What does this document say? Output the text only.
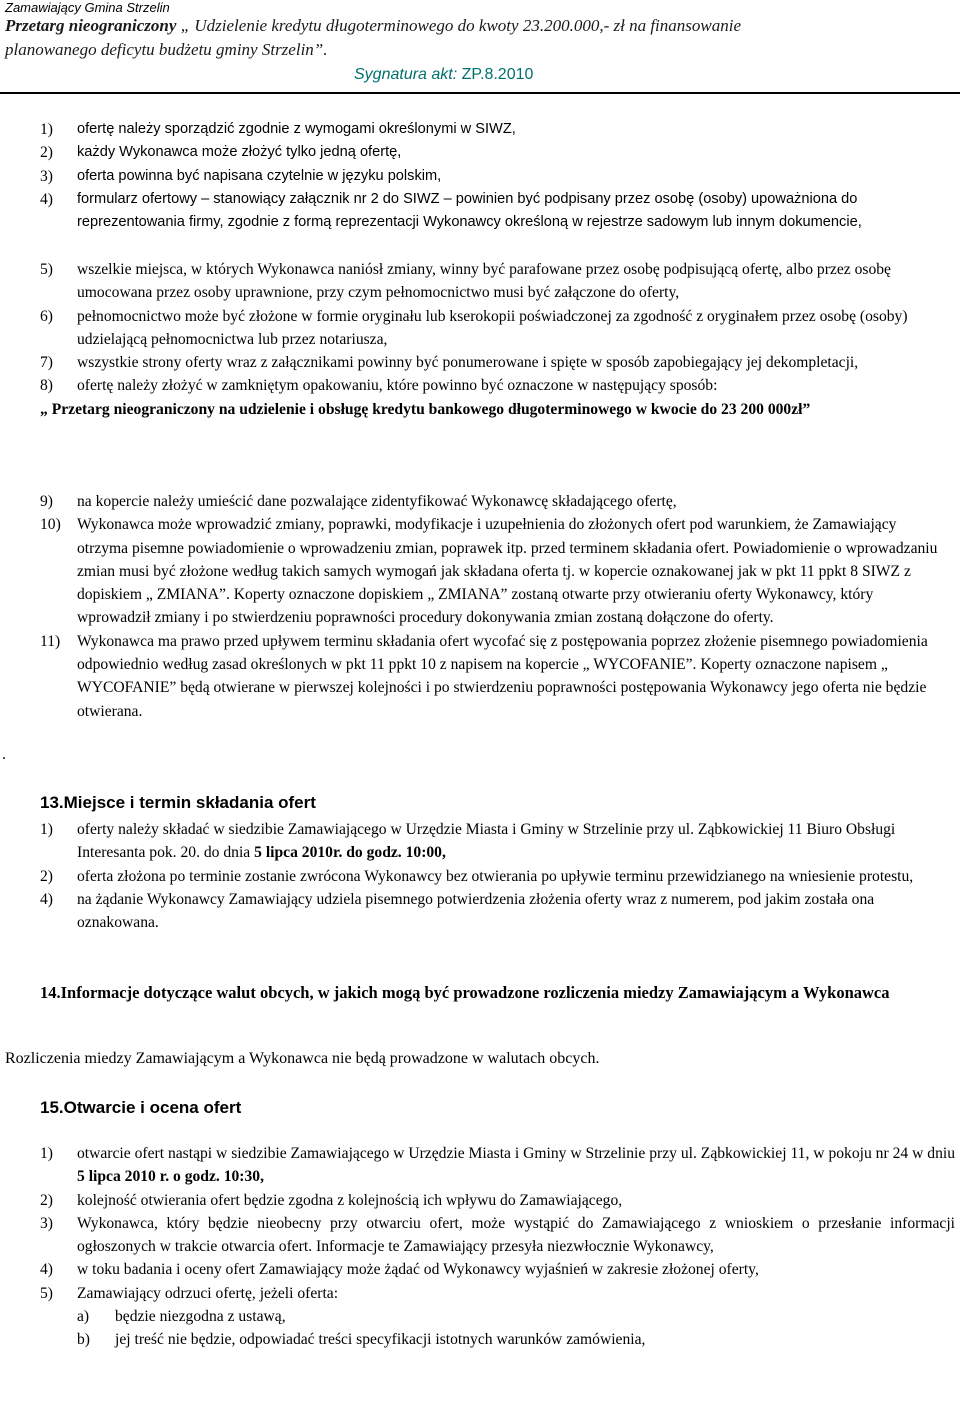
Zamawiający Gmina Strzelin
Przetarg nieograniczony „ Udzielenie kredytu długoterminowego do kwoty 23.200.000,- zł na finansowanie
planowanego deficytu budżetu gminy Strzelin”.
Sygnatura akt: ZP.8.2010
1) ofertę należy sporządzić zgodnie z wymogami określonymi w SIWZ,
2) każdy Wykonawca może złożyć tylko jedną ofertę,
3) oferta powinna być napisana czytelnie w języku polskim,
4) formularz ofertowy – stanowiący załącznik nr 2 do SIWZ – powinien być podpisany przez osobę (osoby) upoważniona do reprezentowania firmy, zgodnie z formą reprezentacji Wykonawcy określoną w rejestrze sadowym lub innym dokumencie,
5) wszelkie miejsca, w których Wykonawca naniósł zmiany, winny być parafowane przez osobę podpisującą ofertę, albo przez osobę umocowana przez osoby uprawnione, przy czym pełnomocnictwo musi być załączone do oferty,
6) pełnomocnictwo może być złożone w formie oryginału lub kserokopii poświadczonej za zgodność z oryginałem przez osobę (osoby) udzielającą pełnomocnictwa lub przez notariusza,
7) wszystkie strony oferty wraz z załącznikami powinny być ponumerowane i spięte w sposób zapobiegający jej dekompletacji,
8) ofertę należy złożyć w zamkniętym opakowaniu, które powinno być oznaczone w następujący sposób:
„ Przetarg nieograniczony na udzielenie i obsługę kredytu bankowego długoterminowego w kwocie do 23 200 000zł”
9) na kopercie należy umieścić dane pozwalające zidentyfikować Wykonawcę składającego ofertę,
10) Wykonawca może wprowadzić zmiany, poprawki, modyfikacje i uzupełnienia do złożonych ofert pod warunkiem, że Zamawiający otrzyma pisemne powiadomienie o wprowadzeniu zmian, poprawek itp. przed terminem składania ofert. Powiadomienie o wprowadzaniu zmian musi być złożone według takich samych wymogań jak składana oferta tj. w kopercie oznakowanej jak w pkt 11 ppkt 8 SIWZ z dopiskiem „ ZMIANA”. Koperty oznaczone dopiskiem „ ZMIANA” zostaną otwarte przy otwieraniu oferty Wykonawcy, który wprowadził zmiany i po stwierdzeniu poprawności procedury dokonywania zmian zostaną dołączone do oferty.
11) Wykonawca ma prawo przed upływem terminu składania ofert wycofać się z postępowania poprzez złożenie pisemnego powiadomienia odpowiednio według zasad określonych w pkt 11 ppkt 10 z napisem na kopercie „ WYCOFANIE”. Koperty oznaczone napisem „ WYCOFANIE” będą otwierane w pierwszej kolejności i po stwierdzeniu poprawności postępowania Wykonawcy jego oferta nie będzie otwierana.
.
13.Miejsce i termin składania ofert
1) oferty należy składać w siedzibie Zamawiającego w Urzędzie Miasta i Gminy w Strzelinie przy ul. Ząbkowickiej 11 Biuro Obsługi Interesanta pok. 20. do dnia 5 lipca 2010r. do godz. 10:00,
2) oferta złożona po terminie zostanie zwrócona Wykonawcy bez otwierania po upływie terminu przewidzianego na wniesienie protestu,
4) na żądanie Wykonawcy Zamawiający udziela pisemnego potwierdzenia złożenia oferty wraz z numerem, pod jakim została ona oznakowana.
14.Informacje dotyczące walut obcych, w jakich mogą być prowadzone rozliczenia miedzy Zamawiającym a Wykonawca
Rozliczenia miedzy Zamawiającym a Wykonawca nie będą prowadzone w walutach obcych.
15.Otwarcie i ocena ofert
1) otwarcie ofert nastąpi w siedzibie Zamawiającego w Urzędzie Miasta i Gminy w Strzelinie przy ul. Ząbkowickiej 11, w pokoju nr 24 w dniu 5 lipca 2010 r. o godz. 10:30,
2) kolejność otwierania ofert będzie zgodna z kolejnością ich wpływu do Zamawiającego,
3) Wykonawca, który będzie nieobecny przy otwarciu ofert, może wystąpić do Zamawiającego z wnioskiem o przesłanie informacji ogłoszonych w trakcie otwarcia ofert. Informacje te Zamawiający przesyła niezwłocznie Wykonawcy,
4) w toku badania i oceny ofert Zamawiający może żądać od Wykonawcy wyjaśnień w zakresie złożonej oferty,
5) Zamawiający odrzuci ofertę, jeżeli oferta:
a) będzie niezgodna z ustawą,
b) jej treść nie będzie, odpowiadać treści specyfikacji istotnych warunków zamówienia,
